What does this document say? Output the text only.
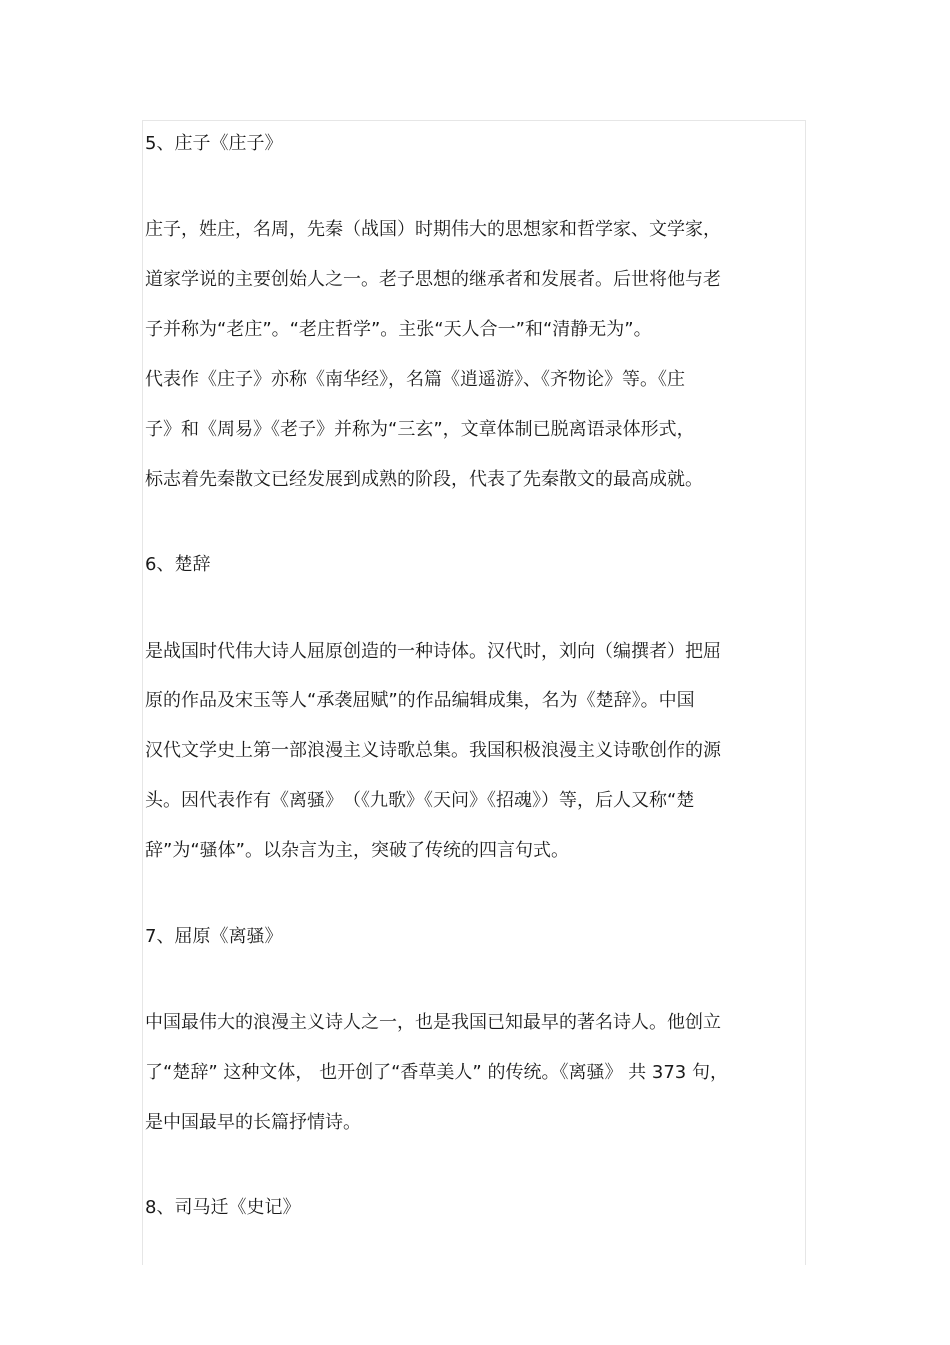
5、庄子《庄子》
庄子，姓庄，名周，先秦（战国）时期伟大的思想家和哲学家、文学家，
道家学说的主要创始人之一。老子思想的继承者和发展者。后世将他与老
子并称为“老庄”。“老庄哲学”。主张“天人合一”和“清静无为”。
代表作《庄子》亦称《南华经》，名篇《逍遥游》、《齐物论》等。《庄
子》和《周易》《老子》并称为“三玄”，文章体制已脱离语录体形式，
标志着先秦散文已经发展到成熟的阶段，代表了先秦散文的最高成就。
6、楚辞
是战国时代伟大诗人屈原创造的一种诗体。汉代时，刘向（编撰者）把屈
原的作品及宋玉等人“承袭屈赋”的作品编辑成集，名为《楚辞》。中国
汉代文学史上第一部浪漫主义诗歌总集。我国积极浪漫主义诗歌创作的源
头。因代表作有《离骚》　（《九歌》《天问》《招魂》）等，后人又称“楚
辞”为“骚体”。以杂言为主，突破了传统的四言句式。
7、屈原《离骚》
中国最伟大的浪漫主义诗人之一，也是我国已知最早的著名诗人。他创立
了“楚辞” 这种文体， 也开创了“香草美人” 的传统。《离骚》 共 373 句，
是中国最早的长篇抒情诗。
8、司马迁《史记》
